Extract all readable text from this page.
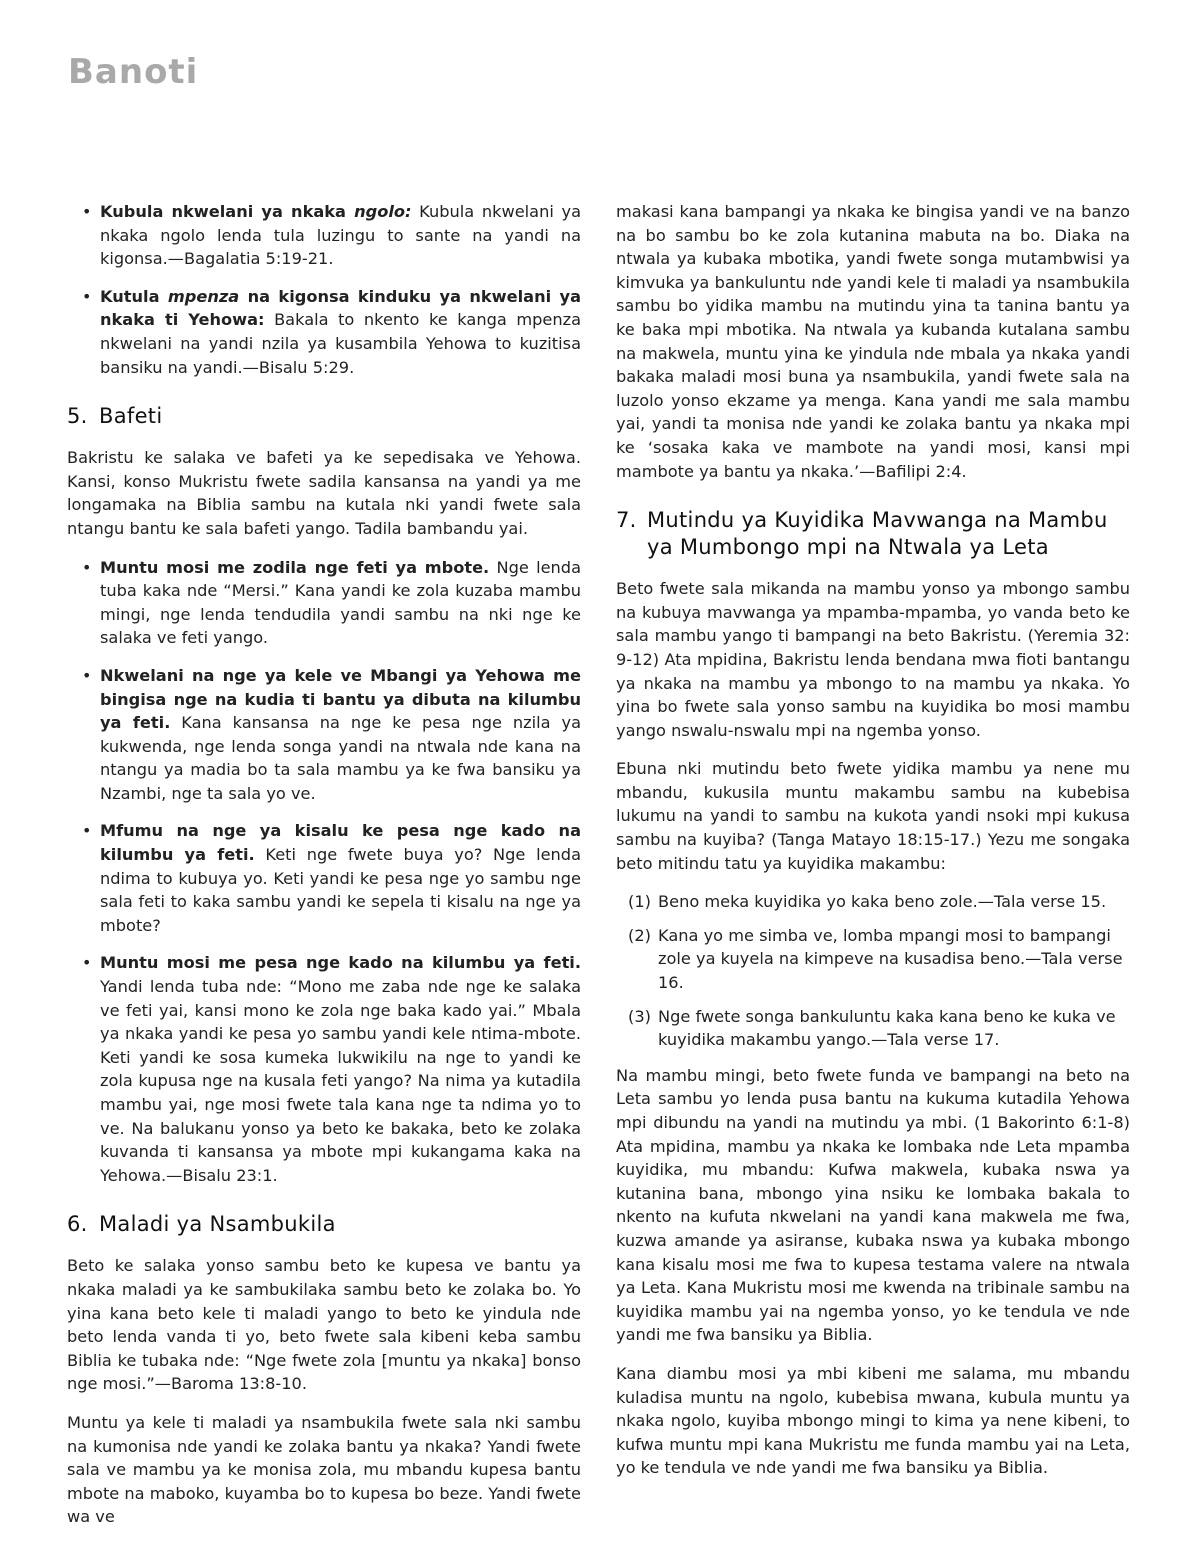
Banoti
• Kubula nkwelani ya nkaka ngolo: Kubula nkwelani ya nkaka ngolo lenda tula luzingu to sante na yandi na kigonsa.—Bagalatia 5:19-21.
• Kutula mpenza na kigonsa kinduku ya nkwelani ya nkaka ti Yehowa: Bakala to nkento ke kanga mpenza nkwelani na yandi nzila ya kusambila Yehowa to kuzitisa bansiku na yandi.—Bisalu 5:29.
5. Bafeti

Bakristu ke salaka ve bafeti ya ke sepedisaka ve Yehowa. Kansi, konso Mukristu fwete sadila kansansa na yandi ya me longamaka na Biblia sambu na kutala nki yandi fwete sala ntangu bantu ke sala bafeti yango. Tadila bambandu yai.

• Muntu mosi me zodila nge feti ya mbote. Nge lenda tuba kaka nde “Mersi.” Kana yandi ke zola kuzaba mambu mingi, nge lenda tendudila yandi sambu na nki nge ke salaka ve feti yango.
• Nkwelani na nge ya kele ve Mbangi ya Yehowa me bingisa nge na kudia ti bantu ya dibuta na kilumbu ya feti. Kana kansansa na nge ke pesa nge nzila ya kukwenda, nge lenda songa yandi na ntwala nde kana na ntangu ya madia bo ta sala mambu ya ke fwa bansiku ya Nzambi, nge ta sala yo ve.
• Mfumu na nge ya kisalu ke pesa nge kado na kilumbu ya feti. Keti nge fwete buya yo? Nge lenda ndima to kubuya yo. Keti yandi ke pesa nge yo sambu nge sala feti to kaka sambu yandi ke sepela ti kisalu na nge ya mbote?
• Muntu mosi me pesa nge kado na kilumbu ya feti. Yandi lenda tuba nde: “Mono me zaba nde nge ke salaka ve feti yai, kansi mono ke zola nge baka kado yai.” Mbala ya nkaka yandi ke pesa yo sambu yandi kele ntima-mbote. Keti yandi ke sosa kumeka lukwikilu na nge to yandi ke zola kupusa nge na kusala feti yango? Na nima ya kutadila mambu yai, nge mosi fwete tala kana nge ta ndima yo to ve. Na balukanu yonso ya beto ke bakaka, beto ke zolaka kuvanda ti kansansa ya mbote mpi kukangama kaka na Yehowa.—Bisalu 23:1.
6. Maladi ya Nsambukila

Beto ke salaka yonso sambu beto ke kupesa ve bantu ya nkaka maladi ya ke sambukilaka sambu beto ke zolaka bo. Yo yina kana beto kele ti maladi yango to beto ke yindula nde beto lenda vanda ti yo, beto fwete sala kibeni keba sambu Biblia ke tubaka nde: “Nge fwete zola [muntu ya nkaka] bonso nge mosi.”—Baroma 13:8-10.

Muntu ya kele ti maladi ya nsambukila fwete sala nki sambu na kumonisa nde yandi ke zolaka bantu ya nkaka? Yandi fwete sala ve mambu ya ke monisa zola, mu mbandu kupesa bantu mbote na maboko, kuyamba bo to kupesa bo beze. Yandi fwete wa ve

makasi kana bampangi ya nkaka ke bingisa yandi ve na banzo na bo sambu bo ke zola kutanina mabuta na bo. Diaka na ntwala ya kubaka mbotika, yandi fwete songa mutambwisi ya kimvuka ya bankuluntu nde yandi kele ti maladi ya nsambukila sambu bo yidika mambu na mutindu yina ta tanina bantu ya ke baka mpi mbotika. Na ntwala ya kubanda kutalana sambu na makwela, muntu yina ke yindula nde mbala ya nkaka yandi bakaka maladi mosi buna ya nsambukila, yandi fwete sala na luzolo yonso ekzame ya menga. Kana yandi me sala mambu yai, yandi ta monisa nde yandi ke zolaka bantu ya nkaka mpi ke ‘sosaka kaka ve mambote na yandi mosi, kansi mpi mambote ya bantu ya nkaka.’—Bafilipi 2:4.

7. Mutindu ya Kuyidika Mavwanga na Mambu ya Mumbongo mpi na Ntwala ya Leta

Beto fwete sala mikanda na mambu yonso ya mbongo sambu na kubuya mavwanga ya mpamba-mpamba, yo vanda beto ke sala mambu yango ti bampangi na beto Bakristu. (Yeremia 32: 9-12) Ata mpidina, Bakristu lenda bendana mwa fioti bantangu ya nkaka na mambu ya mbongo to na mambu ya nkaka. Yo yina bo fwete sala yonso sambu na kuyidika bo mosi mambu yango nswalu-nswalu mpi na ngemba yonso.

Ebuna nki mutindu beto fwete yidika mambu ya nene mu mbandu, kukusila muntu makambu sambu na kubebisa lukumu na yandi to sambu na kukota yandi nsoki mpi kukusa sambu na kuyiba? (Tanga Matayo 18:15-17.) Yezu me songaka beto mitindu tatu ya kuyidika makambu:

(1) Beno meka kuyidika yo kaka beno zole.—Tala verse 15.
(2) Kana yo me simba ve, lomba mpangi mosi to bampangi zole ya kuyela na kimpeve na kusadisa beno.—Tala verse 16.
(3) Nge fwete songa bankuluntu kaka kana beno ke kuka ve kuyidika makambu yango.—Tala verse 17.

Na mambu mingi, beto fwete funda ve bampangi na beto na Leta sambu yo lenda pusa bantu na kukuma kutadila Yehowa mpi dibundu na yandi na mutindu ya mbi. (1 Bakorinto 6:1-8) Ata mpidina, mambu ya nkaka ke lombaka nde Leta mpamba kuyidika, mu mbandu: Kufwa makwela, kubaka nswa ya kutanina bana, mbongo yina nsiku ke lombaka bakala to nkento na kufuta nkwelani na yandi kana makwela me fwa, kuzwa amande ya asiranse, kubaka nswa ya kubaka mbongo kana kisalu mosi me fwa to kupesa testama valere na ntwala ya Leta. Kana Mukristu mosi me kwenda na tribinale sambu na kuyidika mambu yai na ngemba yonso, yo ke tendula ve nde yandi me fwa bansiku ya Biblia.

Kana diambu mosi ya mbi kibeni me salama, mu mbandu kuladisa muntu na ngolo, kubebisa mwana, kubula muntu ya nkaka ngolo, kuyiba mbongo mingi to kima ya nene kibeni, to kufwa muntu mpi kana Mukristu me funda mambu yai na Leta, yo ke tendula ve nde yandi me fwa bansiku ya Biblia.
